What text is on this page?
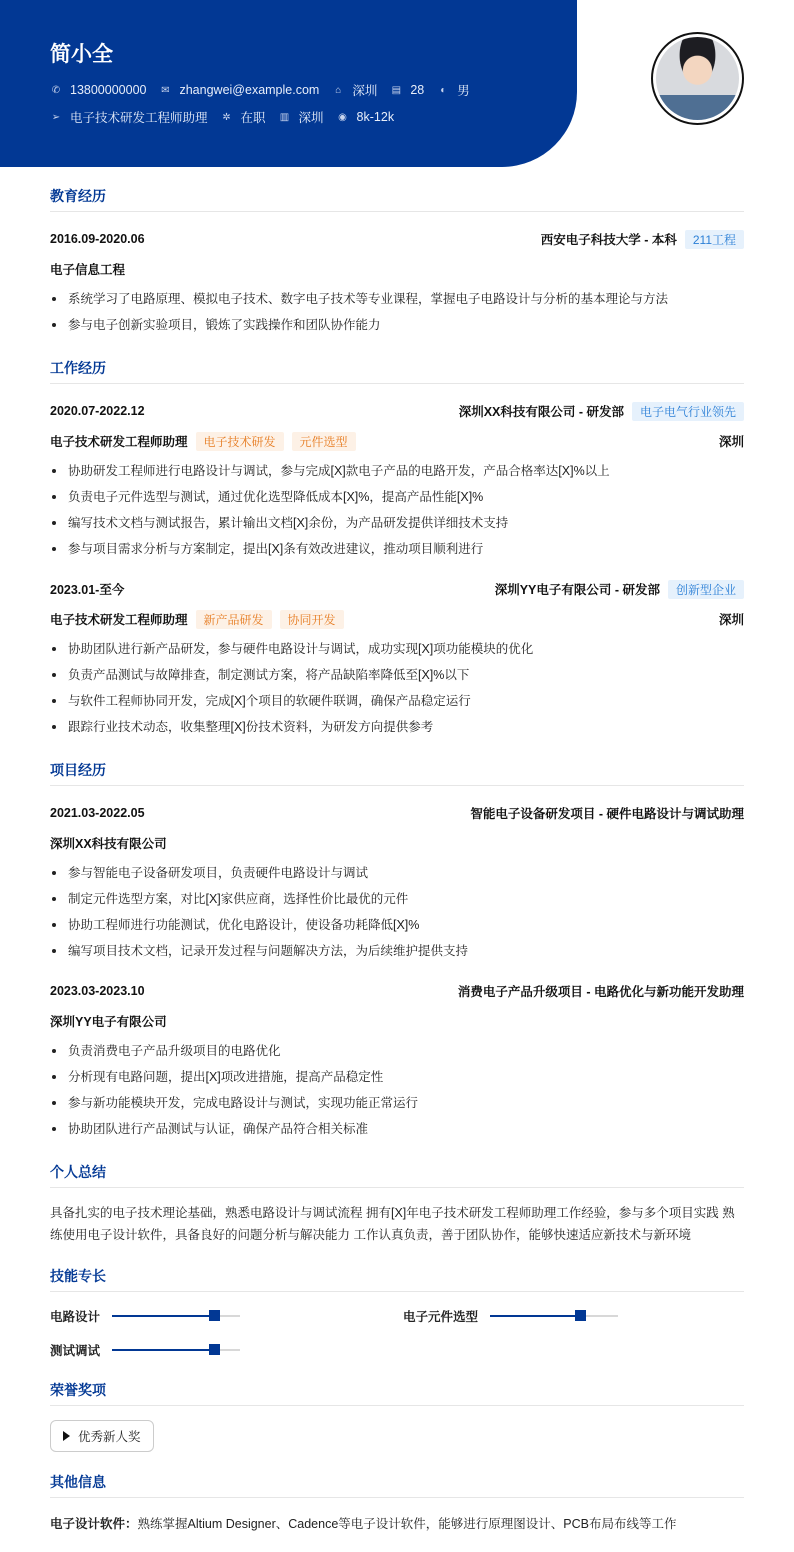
简小全
✆ 13800000000 ✉ zhangwei@example.com ⌂ 深圳 ▤ 28 ◐ 男
➢ 电子技术研发工程师助理 ✲ 在职 ▥ 深圳 ◉ 8k-12k
教育经历
2016.09-2020.06	西安电子科技大学 - 本科	211工程
电子信息工程
系统学习了电路原理、模拟电子技术、数字电子技术等专业课程，掌握电子电路设计与分析的基本理论与方法
参与电子创新实验项目，锻炼了实践操作和团队协作能力
工作经历
2020.07-2022.12	深圳XX科技有限公司 - 研发部	电子电气行业领先
电子技术研发工程师助理	电子技术研发	元件选型	深圳
协助研发工程师进行电路设计与调试，参与完成[X]款电子产品的电路开发，产品合格率达[X]%以上
负责电子元件选型与测试，通过优化选型降低成本[X]%，提高产品性能[X]%
编写技术文档与测试报告，累计输出文档[X]余份，为产品研发提供详细技术支持
参与项目需求分析与方案制定，提出[X]条有效改进建议，推动项目顺利进行
2023.01-至今	深圳YY电子有限公司 - 研发部	创新型企业
电子技术研发工程师助理	新产品研发	协同开发	深圳
协助团队进行新产品研发，参与硬件电路设计与调试，成功实现[X]项功能模块的优化
负责产品测试与故障排查，制定测试方案，将产品缺陷率降低至[X]%以下
与软件工程师协同开发，完成[X]个项目的软硬件联调，确保产品稳定运行
跟踪行业技术动态，收集整理[X]份技术资料，为研发方向提供参考
项目经历
2021.03-2022.05	智能电子设备研发项目 - 硬件电路设计与调试助理
深圳XX科技有限公司
参与智能电子设备研发项目，负责硬件电路设计与调试
制定元件选型方案，对比[X]家供应商，选择性价比最优的元件
协助工程师进行功能测试，优化电路设计，使设备功耗降低[X]%
编写项目技术文档，记录开发过程与问题解决方法，为后续维护提供支持
2023.03-2023.10	消费电子产品升级项目 - 电路优化与新功能开发助理
深圳YY电子有限公司
负责消费电子产品升级项目的电路优化
分析现有电路问题，提出[X]项改进措施，提高产品稳定性
参与新功能模块开发，完成电路设计与测试，实现功能正常运行
协助团队进行产品测试与认证，确保产品符合相关标准
个人总结
具备扎实的电子技术理论基础，熟悉电路设计与调试流程 拥有[X]年电子技术研发工程师助理工作经验，参与多个项目实践 熟练使用电子设计软件，具备良好的问题分析与解决能力 工作认真负责，善于团队协作，能够快速适应新技术与新环境
技能专长
电路设计	电子元件选型
测试调试
荣誉奖项
优秀新人奖
其他信息
电子设计软件：熟练掌握Altium Designer、Cadence等电子设计软件，能够进行原理图设计、PCB布局布线等工作
